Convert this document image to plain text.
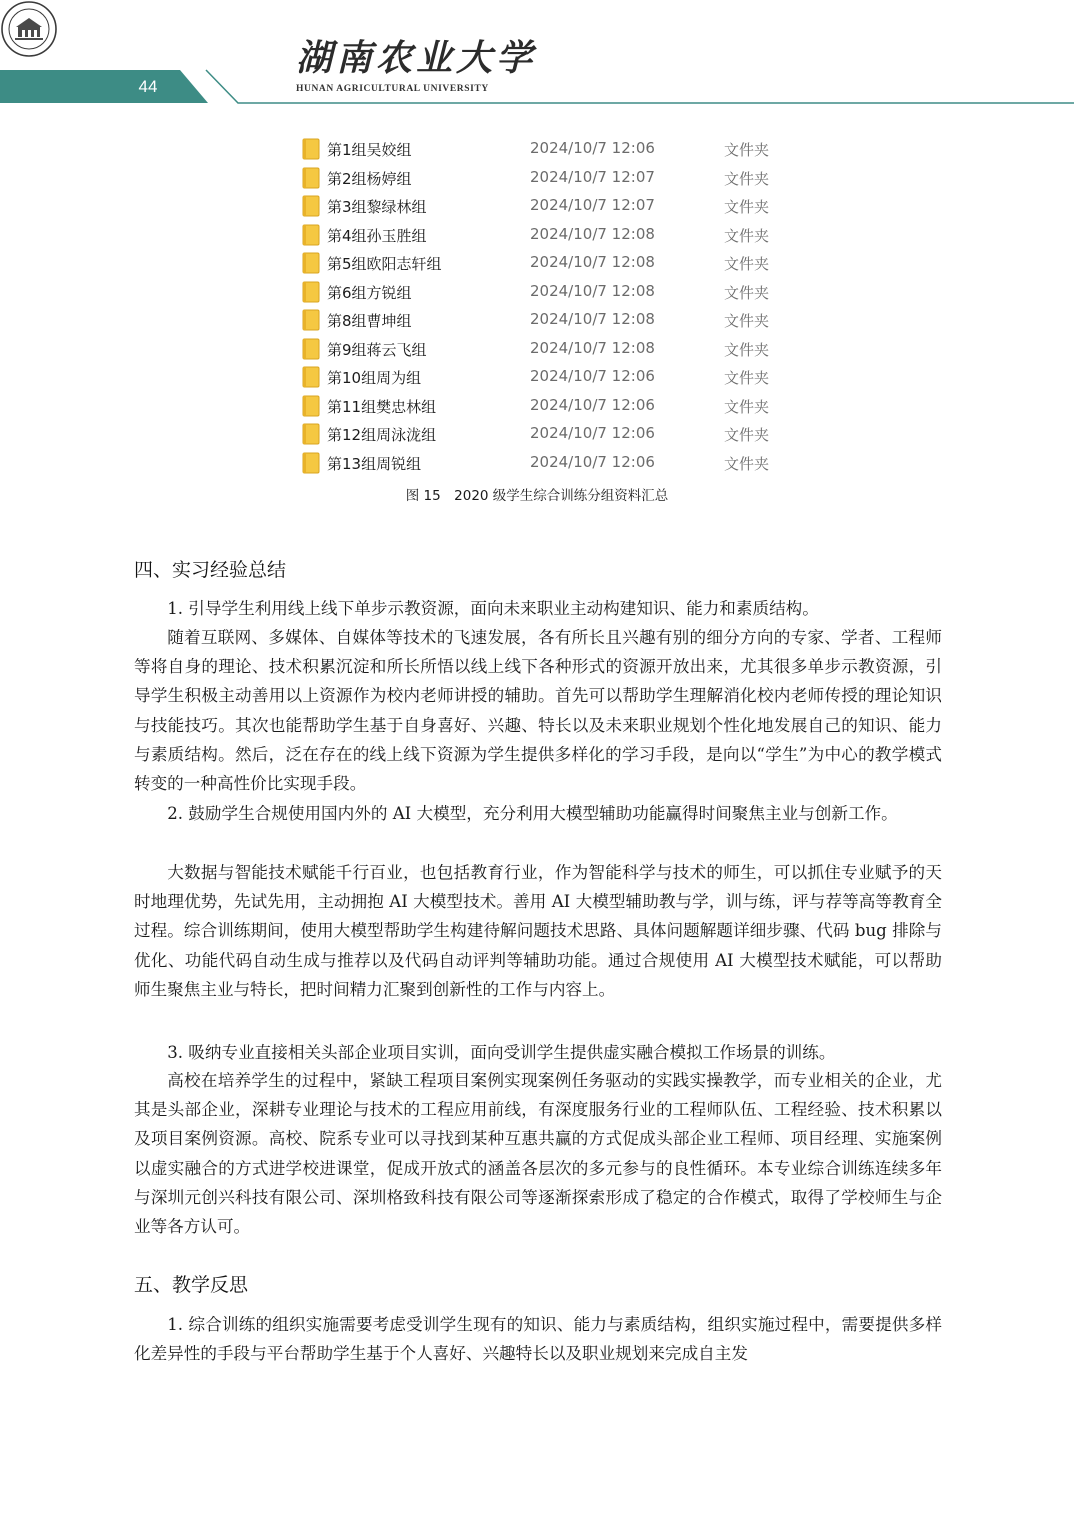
44
湖南农业大学
HUNAN AGRICULTURAL UNIVERSITY
第1组吴姣组	2024/10/7 12:06	文件夹
第2组杨婷组	2024/10/7 12:07	文件夹
第3组黎绿林组	2024/10/7 12:07	文件夹
第4组孙玉胜组	2024/10/7 12:08	文件夹
第5组欧阳志轩组	2024/10/7 12:08	文件夹
第6组方锐组	2024/10/7 12:08	文件夹
第8组曹坤组	2024/10/7 12:08	文件夹
第9组蒋云飞组	2024/10/7 12:08	文件夹
第10组周为组	2024/10/7 12:06	文件夹
第11组樊忠林组	2024/10/7 12:06	文件夹
第12组周泳泷组	2024/10/7 12:06	文件夹
第13组周锐组	2024/10/7 12:06	文件夹
图 15　2020 级学生综合训练分组资料汇总
四、实习经验总结

1. 引导学生利用线上线下单步示教资源，面向未来职业主动构建知识、能力和素质结构。

随着互联网、多媒体、自媒体等技术的飞速发展，各有所长且兴趣有别的细分方向的专家、学者、工程师等将自身的理论、技术积累沉淀和所长所悟以线上线下各种形式的资源开放出来，尤其很多单步示教资源，引导学生积极主动善用以上资源作为校内老师讲授的辅助。首先可以帮助学生理解消化校内老师传授的理论知识与技能技巧。其次也能帮助学生基于自身喜好、兴趣、特长以及未来职业规划个性化地发展自己的知识、能力与素质结构。然后，泛在存在的线上线下资源为学生提供多样化的学习手段，是向以“学生”为中心的教学模式转变的一种高性价比实现手段。

2. 鼓励学生合规使用国内外的 AI 大模型，充分利用大模型辅助功能赢得时间聚焦主业与创新工作。

大数据与智能技术赋能千行百业，也包括教育行业，作为智能科学与技术的师生，可以抓住专业赋予的天时地理优势，先试先用，主动拥抱 AI 大模型技术。善用 AI 大模型辅助教与学，训与练，评与荐等高等教育全过程。综合训练期间，使用大模型帮助学生构建待解问题技术思路、具体问题解题详细步骤、代码 bug 排除与优化、功能代码自动生成与推荐以及代码自动评判等辅助功能。通过合规使用 AI 大模型技术赋能，可以帮助师生聚焦主业与特长，把时间精力汇聚到创新性的工作与内容上。

3. 吸纳专业直接相关头部企业项目实训，面向受训学生提供虚实融合模拟工作场景的训练。

高校在培养学生的过程中，紧缺工程项目案例实现案例任务驱动的实践实操教学，而专业相关的企业，尤其是头部企业，深耕专业理论与技术的工程应用前线，有深度服务行业的工程师队伍、工程经验、技术积累以及项目案例资源。高校、院系专业可以寻找到某种互惠共赢的方式促成头部企业工程师、项目经理、实施案例以虚实融合的方式进学校进课堂，促成开放式的涵盖各层次的多元参与的良性循环。本专业综合训练连续多年与深圳元创兴科技有限公司、深圳格致科技有限公司等逐渐探索形成了稳定的合作模式，取得了学校师生与企业等各方认可。

五、教学反思

1. 综合训练的组织实施需要考虑受训学生现有的知识、能力与素质结构，组织实施过程中，需要提供多样化差异性的手段与平台帮助学生基于个人喜好、兴趣特长以及职业规划来完成自主发
